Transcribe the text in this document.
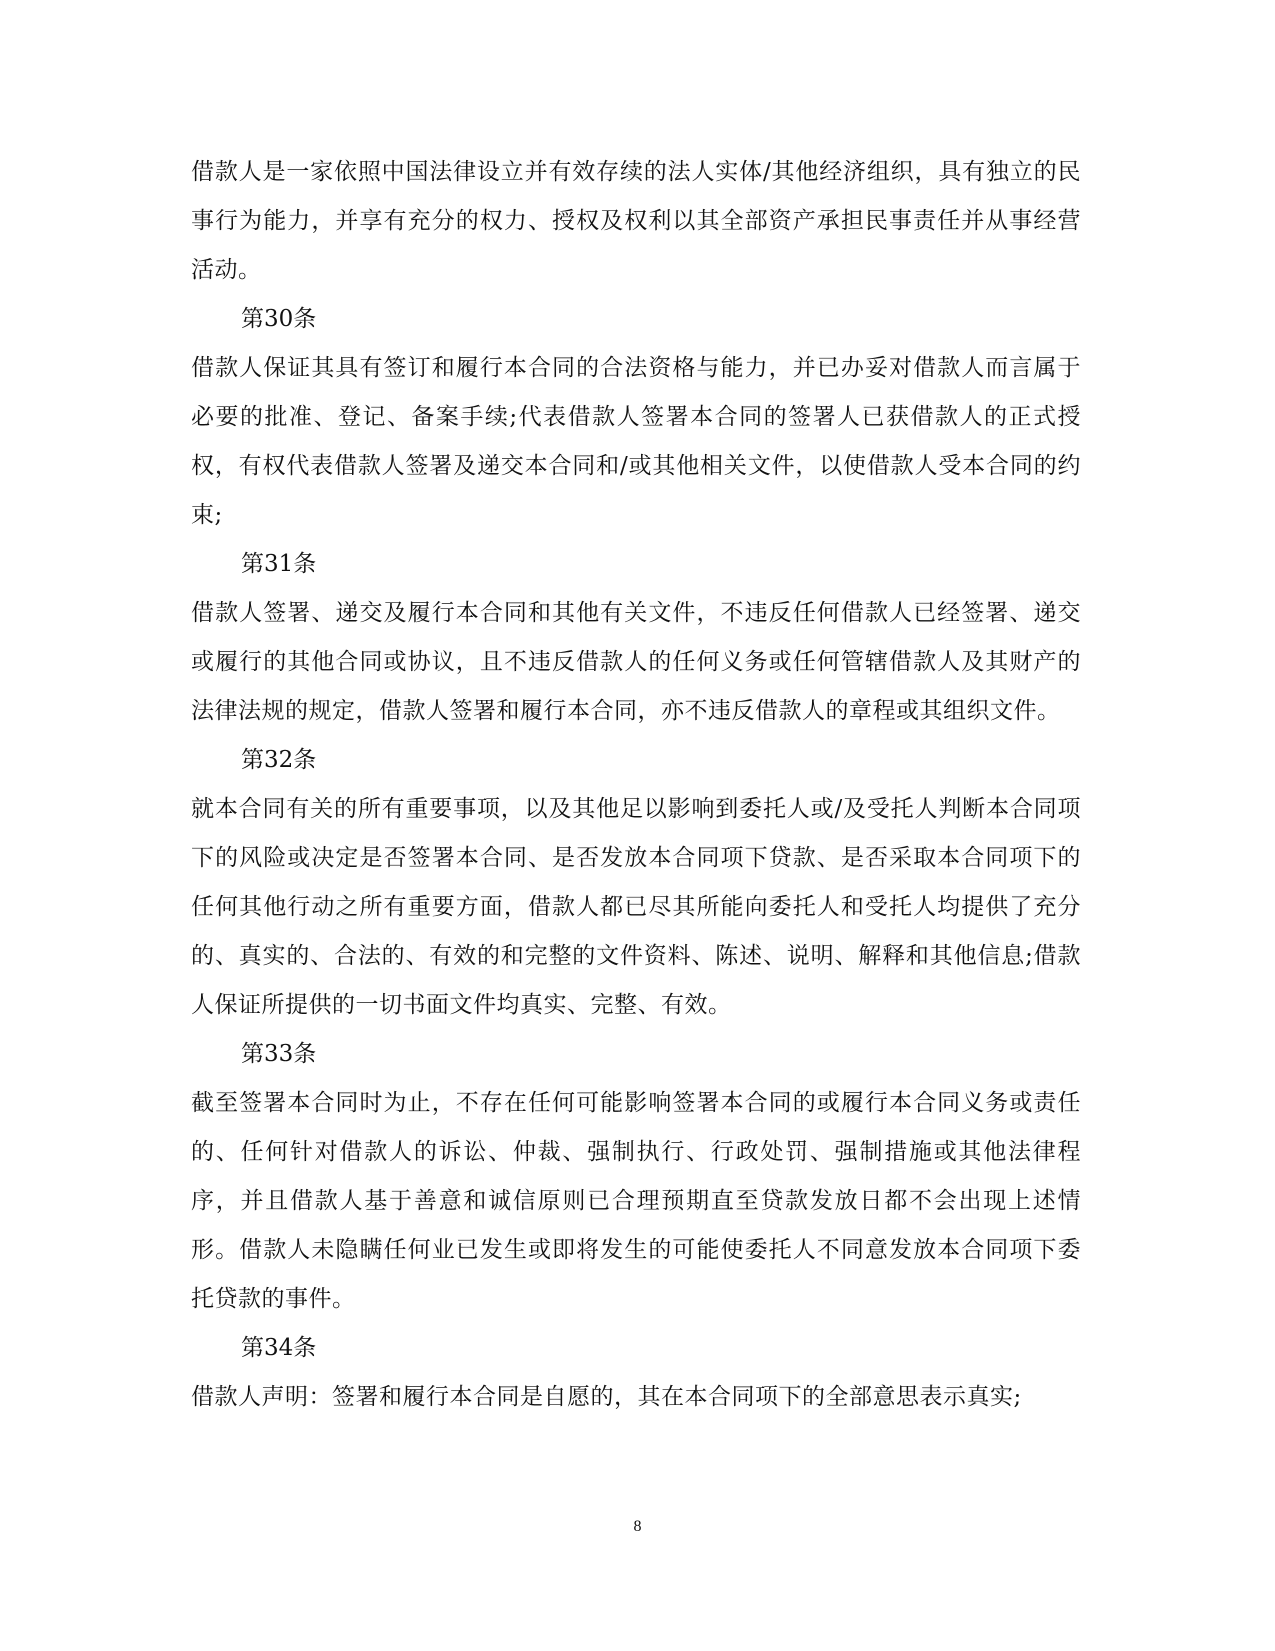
借款人是一家依照中国法律设立并有效存续的法人实体/其他经济组织，具有独立的民事行为能力，并享有充分的权力、授权及权利以其全部资产承担民事责任并从事经营活动。

第30条

借款人保证其具有签订和履行本合同的合法资格与能力，并已办妥对借款人而言属于必要的批准、登记、备案手续;代表借款人签署本合同的签署人已获借款人的正式授权，有权代表借款人签署及递交本合同和/或其他相关文件，以使借款人受本合同的约束;

第31条

借款人签署、递交及履行本合同和其他有关文件，不违反任何借款人已经签署、递交或履行的其他合同或协议，且不违反借款人的任何义务或任何管辖借款人及其财产的法律法规的规定，借款人签署和履行本合同，亦不违反借款人的章程或其组织文件。

第32条

就本合同有关的所有重要事项，以及其他足以影响到委托人或/及受托人判断本合同项下的风险或决定是否签署本合同、是否发放本合同项下贷款、是否采取本合同项下的任何其他行动之所有重要方面，借款人都已尽其所能向委托人和受托人均提供了充分的、真实的、合法的、有效的和完整的文件资料、陈述、说明、解释和其他信息;借款人保证所提供的一切书面文件均真实、完整、有效。

第33条

截至签署本合同时为止，不存在任何可能影响签署本合同的或履行本合同义务或责任的、任何针对借款人的诉讼、仲裁、强制执行、行政处罚、强制措施或其他法律程序，并且借款人基于善意和诚信原则已合理预期直至贷款发放日都不会出现上述情形。借款人未隐瞒任何业已发生或即将发生的可能使委托人不同意发放本合同项下委托贷款的事件。

第34条

借款人声明：签署和履行本合同是自愿的，其在本合同项下的全部意思表示真实;

8
